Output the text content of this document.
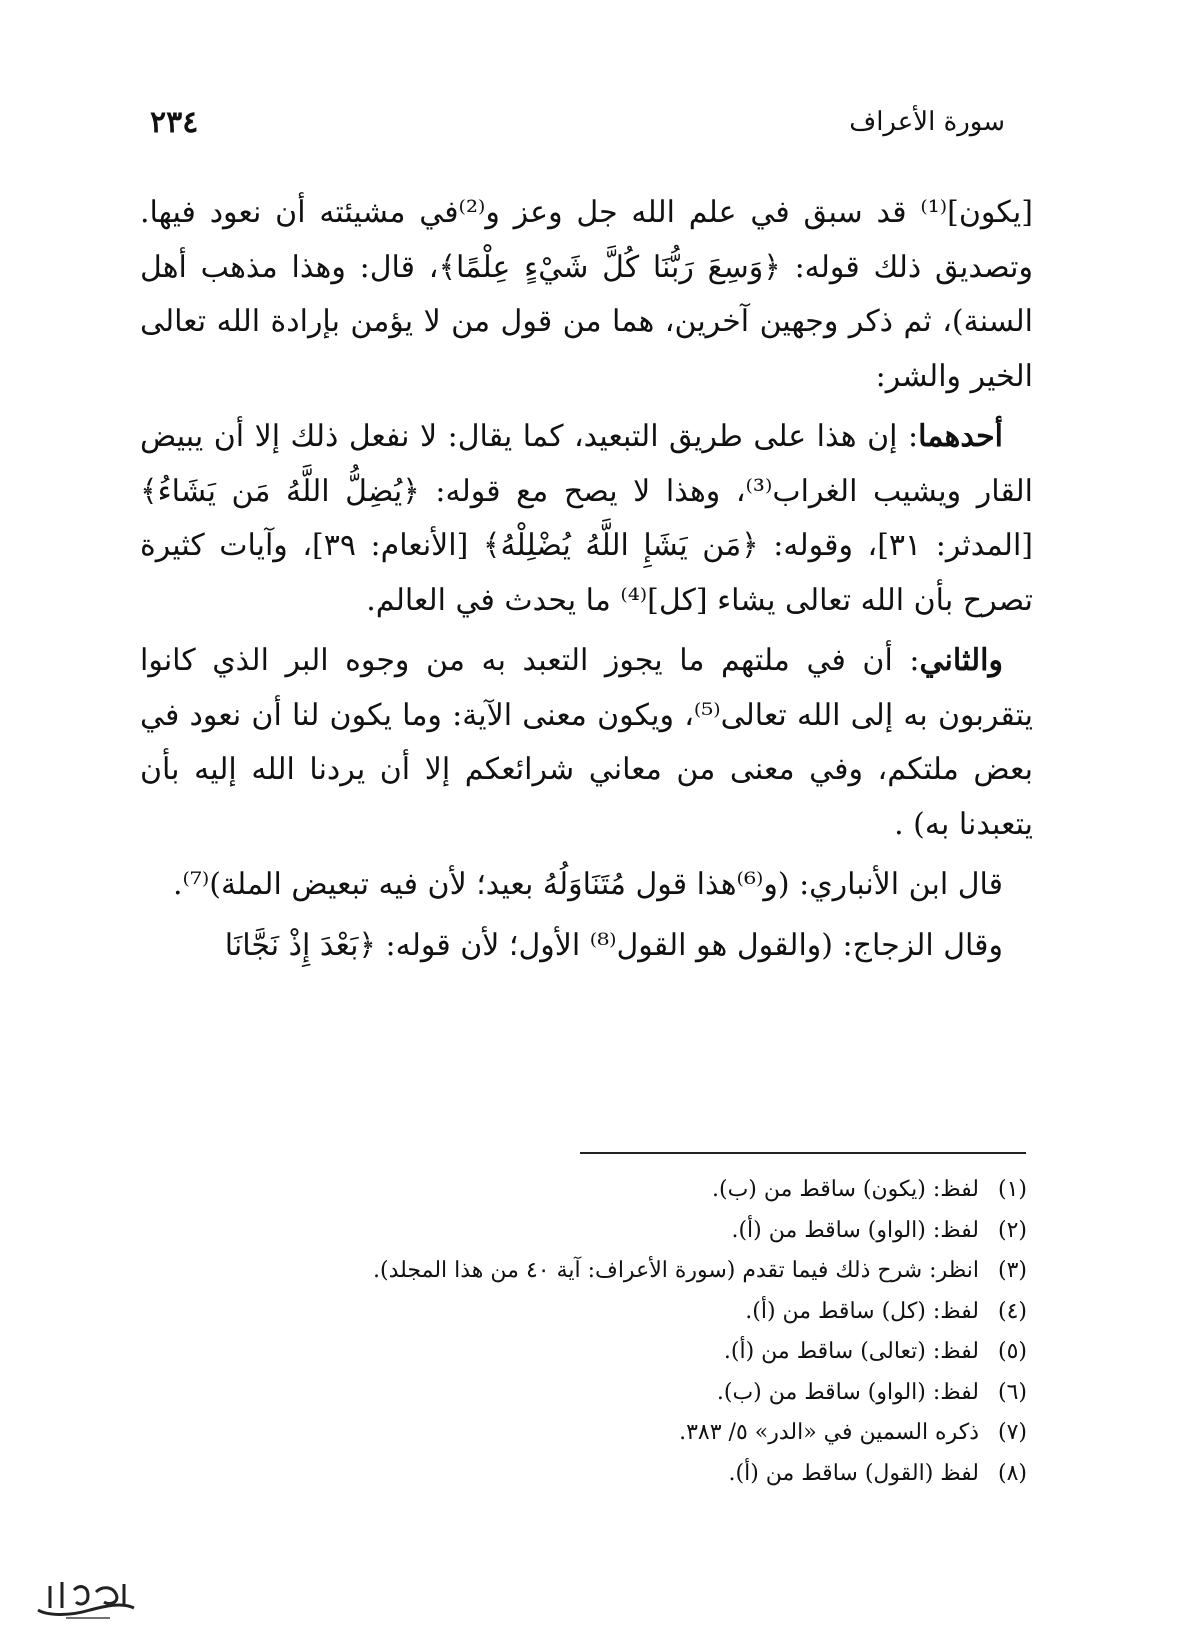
سورة الأعراف
٢٣٤

[يكون]⁽¹⁾ قد سبق في علم الله جل وعز و⁽²⁾في مشيئته أن نعود فيها. وتصديق ذلك قوله: ﴿وَسِعَ رَبُّنَا كُلَّ شَيْءٍ عِلْمًا﴾، قال: وهذا مذهب أهل السنة)، ثم ذكر وجهين آخرين، هما من قول من لا يؤمن بإرادة الله تعالى الخير والشر:

أحدهما: إن هذا على طريق التبعيد، كما يقال: لا نفعل ذلك إلا أن يبيض القار ويشيب الغراب⁽³⁾، وهذا لا يصح مع قوله: ﴿يُضِلُّ اللَّهُ مَن يَشَاءُ﴾ [المدثر: ٣١]، وقوله: ﴿مَن يَشَإِ اللَّهُ يُضْلِلْهُ﴾ [الأنعام: ٣٩]، وآيات كثيرة تصرح بأن الله تعالى يشاء [كل]⁽⁴⁾ ما يحدث في العالم.

والثاني: أن في ملتهم ما يجوز التعبد به من وجوه البر الذي كانوا يتقربون به إلى الله تعالى⁽⁵⁾، ويكون معنى الآية: وما يكون لنا أن نعود في بعض ملتكم، وفي معنى من معاني شرائعكم إلا أن يردنا الله إليه بأن يتعبدنا به) .

قال ابن الأنباري: (و⁽⁶⁾هذا قول مُتَنَاوَلُهُ بعيد؛ لأن فيه تبعيض الملة)⁽⁷⁾.

وقال الزجاج: (والقول هو القول⁽⁸⁾ الأول؛ لأن قوله: ﴿بَعْدَ إِذْ نَجَّانَا

(١)لفظ: (يكون) ساقط من (ب).

(٢)لفظ: (الواو) ساقط من (أ).

(٣)انظر: شرح ذلك فيما تقدم (سورة الأعراف: آية ٤٠ من هذا المجلد).

(٤)لفظ: (كل) ساقط من (أ).

(٥)لفظ: (تعالى) ساقط من (أ).

(٦)لفظ: (الواو) ساقط من (ب).

(٧)ذكره السمين في «الدر» ٥/ ٣٨٣.

(٨)لفظ (القول) ساقط من (أ).
